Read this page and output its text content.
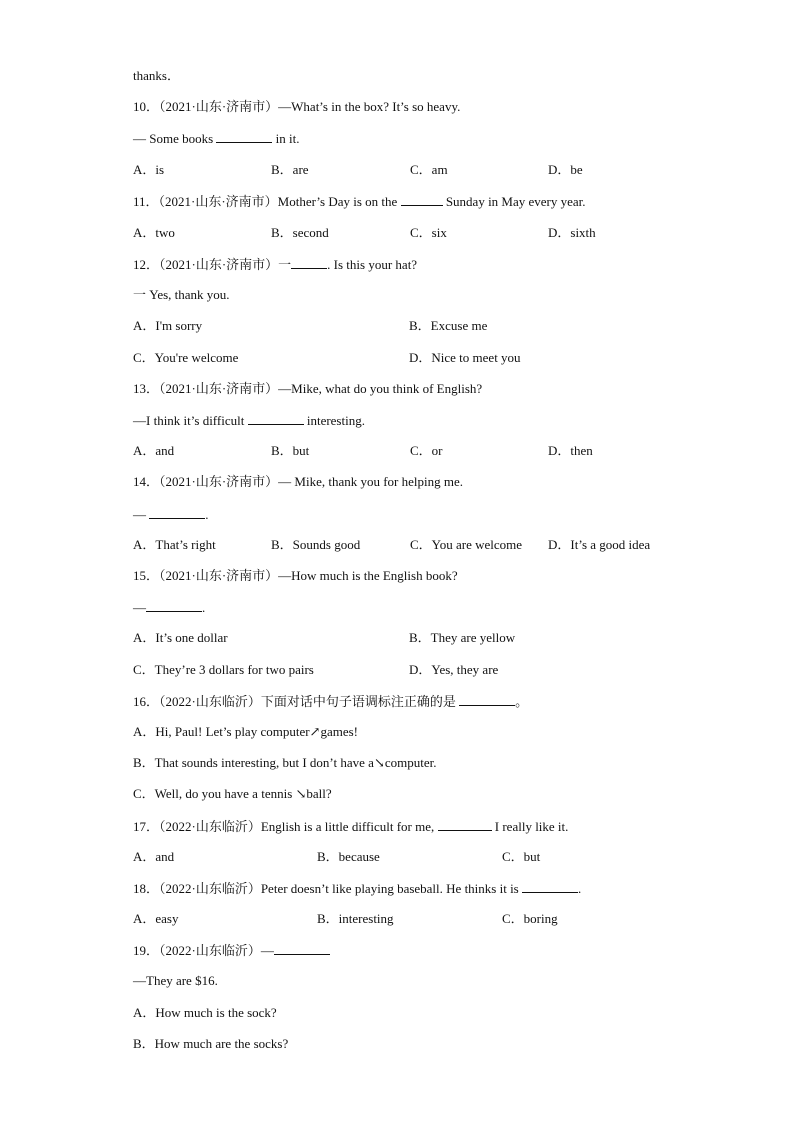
thanks．
10．（2021·山东·济南市）—What’s in the box? It’s so heavy.
— Some books	in it.
A．is	B．are	C．am	D．be
11．（2021·山东·济南市）Mother’s Day is on the	Sunday in May every year.
A．two	B．second	C．six	D．sixth
12．（2021·山东·济南市）一	. Is this your hat?
一 Yes, thank you.
A．I'm sorry	B．Excuse me
C．You're welcome	D．Nice to meet you
13．（2021·山东·济南市）—Mike, what do you think of English?
—I think it’s difficult	interesting.
A．and	B．but	C．or	D．then
14．（2021·山东·济南市）— Mike, thank you for helping me.
—	.
A．That’s right	B．Sounds good	C．You are welcome D．It’s a good idea
15．（2021·山东·济南市）—How much is the English book?
—	.
A．It’s one dollar	B．They are yellow
C．They’re 3 dollars for two pairs	D．Yes, they are
16．（2022·山东临沂）下面对话中句子语调标注正确的是	。
A．Hi, Paul! Let’s play computer↗games!
B．That sounds interesting, but I don’t have a↘computer.
C．Well, do you have a tennis ↘ball?
17．（2022·山东临沂）English is a little difficult for me,	I really like it.
A．and	B．because	C．but
18．（2022·山东临沂）Peter doesn’t like playing baseball. He thinks it is	.
A．easy	B．interesting	C．boring
19．（2022·山东临沂）—
—They are $16.
A．How much is the sock?
B．How much are the socks?
